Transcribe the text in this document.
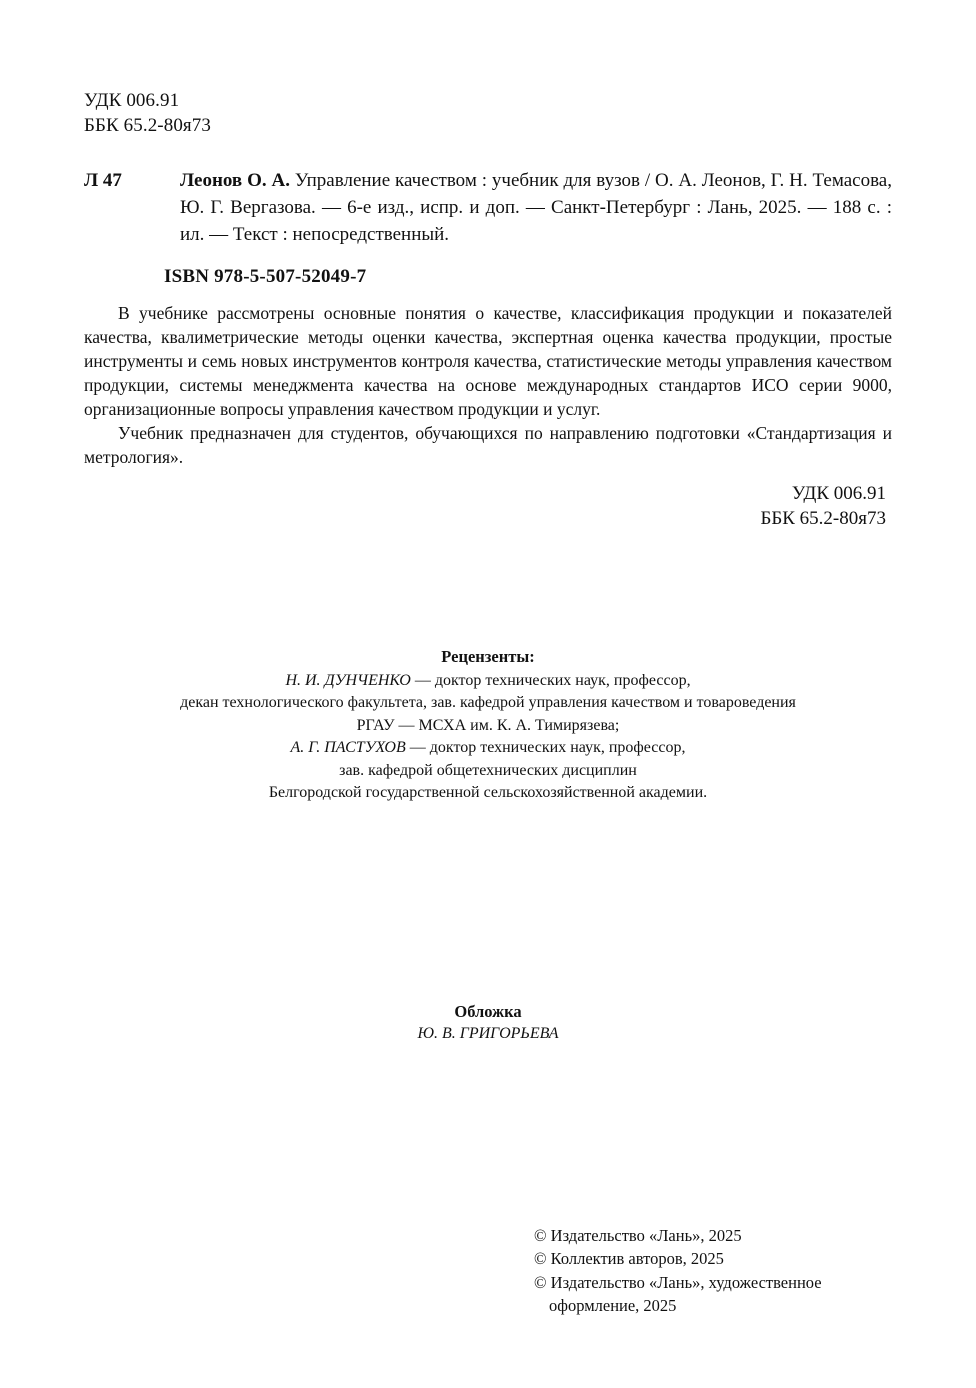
УДК 006.91
ББК 65.2-80я73
Л 47	Леонов О. А. Управление качеством : учебник для вузов / О. А. Леонов, Г. Н. Темасова, Ю. Г. Вергазова. — 6-е изд., испр. и доп. — Санкт-Петербург : Лань, 2025. — 188 с. : ил. — Текст : непосредственный.
ISBN 978-5-507-52049-7

В учебнике рассмотрены основные понятия о качестве, классификация продукции и показателей качества, квалиметрические методы оценки качества, экспертная оценка качества продукции, простые инструменты и семь новых инструментов контроля качества, статистические методы управления качеством продукции, системы менеджмента качества на основе международных стандартов ИСО серии 9000, организационные вопросы управления качеством продукции и услуг.

Учебник предназначен для студентов, обучающихся по направлению подготовки «Стандартизация и метрология».

УДК 006.91
ББК 65.2-80я73
Рецензенты:
Н. И. ДУНЧЕНКО — доктор технических наук, профессор,
декан технологического факультета, зав. кафедрой управления качеством и товароведения
РГАУ — МСХА им. К. А. Тимирязева;
А. Г. ПАСТУХОВ — доктор технических наук, профессор,
зав. кафедрой общетехнических дисциплин
Белгородской государственной сельскохозяйственной академии.
Обложка
Ю. В. ГРИГОРЬЕВА
© Издательство «Лань», 2025
© Коллектив авторов, 2025
© Издательство «Лань», художественное
оформление, 2025
